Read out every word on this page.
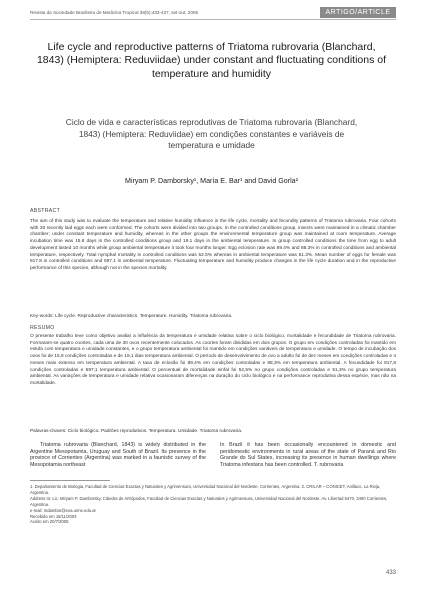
Revista da Sociedade Brasileira de Medicina Tropical 38(5):433-437, set-out, 2005	ARTIGO/ARTICLE
Life cycle and reproductive patterns of Triatoma rubrovaria (Blanchard, 1843) (Hemiptera: Reduviidae) under constant and fluctuating conditions of temperature and humidity
Ciclo de vida e características reprodutivas de Triatoma rubrovaria (Blanchard, 1843) (Hemiptera: Reduviidae) em condições constantes e variáveis de temperatura e umidade
Miryam P. Damborsky¹, María E. Bar¹ and David Gorla²
ABSTRACT

The aim of this study was to evaluate the temperature and relative humidity influence in the life cycle, mortality and fecundity patterns of Triatoma rubrovaria. Four cohorts with 30 recently laid eggs each were conformed. The cohorts were divided into two groups. In the controlled conditions group, insects were maintained in a climatic chamber chamber; under constant temperature and humidity, whereas in the other groups the environmental temperature group was maintained at room temperature. Average incubation time was 15.8 days in the controlled conditions group and 19.1 days in the ambiental temperature. In group controlled conditions the time from egg to adult development lasted 10 months while group ambiental temperature it took four months longer. Egg eclosion rate was 89.4% and 88.3% in controlled conditions and ambiental temperature, respectively. Total nymphal mortality in controlled conditions was 52.5% whereas in ambiental temperature was 51.3%. Mean number of eggs for female was 817.8 in controlled conditions and 597.1 in ambiental temperature. Fluctuating temperature and humidity produce changes in the life cycle duration and in the reproductive performance of this species, although not in the species mortality.

Key-words: Life cycle. Reproductive characteristics. Temperature. Humidity. Triatoma rubrovaria.

RESUMO

O presente trabalho teve como objetivo avaliar a influência da temperatura e umidade relativa sobre o ciclo biológico, mortalidade e fecundidade de Triatoma rubrovaria. Formaram-se quatro coortes, cada uma de 30 ovos recentemente colocados. As coortes foram divididas em dois grupos: O grupo em condições controladas foi mantido em estufa com temperatura e umidade constantes, e o grupo temperatura ambiental foi mantido em condições variáveis de temperatura e umidade. O tempo de incubação dos ovos foi de 15,8 condições controladas e de 19,1 dias temperatura ambiental. O período de desenvolvimento de ovo a adulto foi de dez meses em condições controladas e 4 meses mais extenso em temperatura ambiental. A taxa de eclosão foi 89,4% em condições controladas e 88,3% em temperatura ambiental. A fecundidade foi 817,8 condições controladas e 597,1 temperatura ambiental. O percentual de mortalidade ninfal foi 52,5% no grupo condições controladas e 51,3% no grupo temperatura ambiental. As variações de temperatura e umidade relativa ocasionaram diferenças na duração do ciclo biológico e na performance reprodutiva dessa espécie, mas não na mortalidade.

Palavras-chaves: Ciclo biológico. Padrões reprodutivos. Temperatura. Umidade. Triatoma rubrovaria.

Triatoma rubrovaria (Blanchard, 1843) is widely distributed in the Argentine Mesopotamia, Uruguay and South of Brazil. Its presence in the province of Corrientes (Argentina) was marked in a faunistic survey of the Mesopotamia northeast

In Brazil it has been occasionally encountered in domestic and peridomestic environments in rural areas of the state of Paraná and Rio Grande do Sul States, increasing its presence in human dwellings where Triatoma infestans has been controlled. T. rubrovaria

1. Departamento de Biologia, Facultad de Ciencias Exactas y Naturales y Agrimensura, Universidad Nacional del Nordeste, Corrientes, Argentina. 2. CRILAR – CONICET, Anillaco, La Rioja, Argentina.

Address to: Lic. Miryam P. Damborsky. Cátedra de Artrópodos, Facultad de Ciencias Exactas y Naturales y Agrimensura, Universidad Nacional del Nordeste, Av. Libertad 5470, 3400 Corrientes, Argentina.

e-mail: mdambor@exa.unne.edu.ar

Recebido em 18/11/2003

Aceito em 20/7/2005

433
